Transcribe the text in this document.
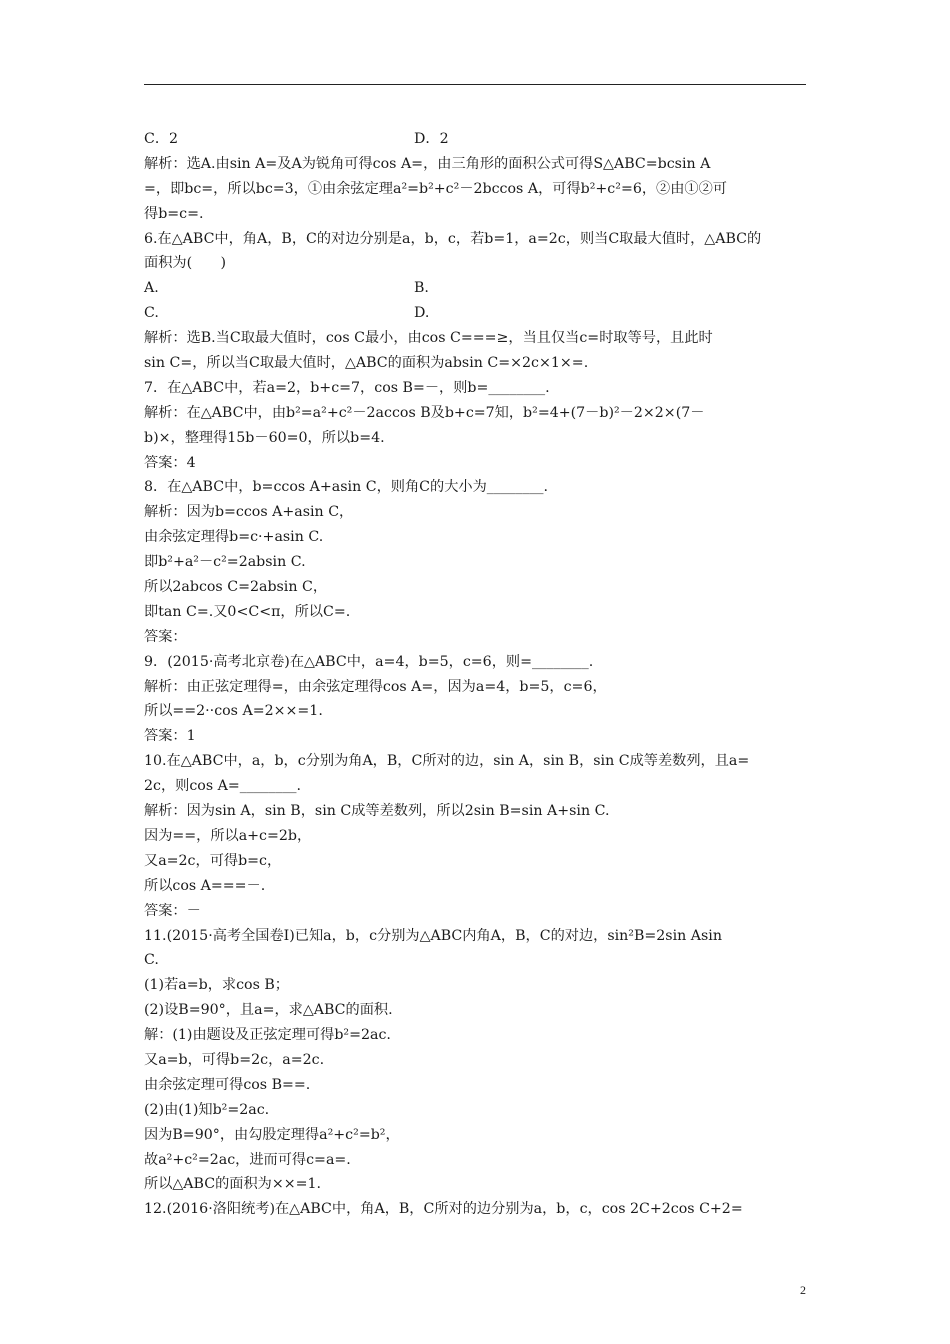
C．2	D．2
解析：选A.由sin A=及A为锐角可得cos A=，由三角形的面积公式可得S△ABC=bcsin A
=，即bc=，所以bc=3，①由余弦定理a²=b²+c²－2bccos A，可得b²+c²=6，②由①②可
得b=c=.
6.在△ABC中，角A，B，C的对边分别是a，b，c，若b=1，a=2c，则当C取最大值时，△ABC的
面积为(　　)
A.	B.
C.	D.
解析：选B.当C取最大值时，cos C最小，由cos C===≥，当且仅当c=时取等号，且此时
sin C=，所以当C取最大值时，△ABC的面积为absin C=×2c×1×=.
7．在△ABC中，若a=2，b+c=7，cos B=－，则b=________.
解析：在△ABC中，由b²=a²+c²－2accos B及b+c=7知，b²=4+(7－b)²－2×2×(7－
b)×，整理得15b－60=0，所以b=4.
答案：4
8．在△ABC中，b=ccos A+asin C，则角C的大小为________.
解析：因为b=ccos A+asin C，
由余弦定理得b=c·+asin C.
即b²+a²－c²=2absin C.
所以2abcos C=2absin C，
即tan C=.又0<C<π，所以C=.
答案：
9．(2015·高考北京卷)在△ABC中，a=4，b=5，c=6，则=________.
解析：由正弦定理得=，由余弦定理得cos A=，因为a=4，b=5，c=6，
所以==2··cos A=2××=1.
答案：1
10.在△ABC中，a，b，c分别为角A，B，C所对的边，sin A，sin B，sin C成等差数列，且a=
2c，则cos A=________.
解析：因为sin A，sin B，sin C成等差数列，所以2sin B=sin A+sin C.
因为==，所以a+c=2b，
又a=2c，可得b=c，
所以cos A===－.
答案：－
11.(2015·高考全国卷Ⅰ)已知a，b，c分别为△ABC内角A，B，C的对边，sin²B=2sin Asin
C.
(1)若a=b，求cos B；
(2)设B=90°，且a=，求△ABC的面积.
解：(1)由题设及正弦定理可得b²=2ac.
又a=b，可得b=2c，a=2c.
由余弦定理可得cos B==.
(2)由(1)知b²=2ac.
因为B=90°，由勾股定理得a²+c²=b²，
故a²+c²=2ac，进而可得c=a=.
所以△ABC的面积为××=1.
12.(2016·洛阳统考)在△ABC中，角A，B，C所对的边分别为a，b，c，cos 2C+2cos C+2=
2
